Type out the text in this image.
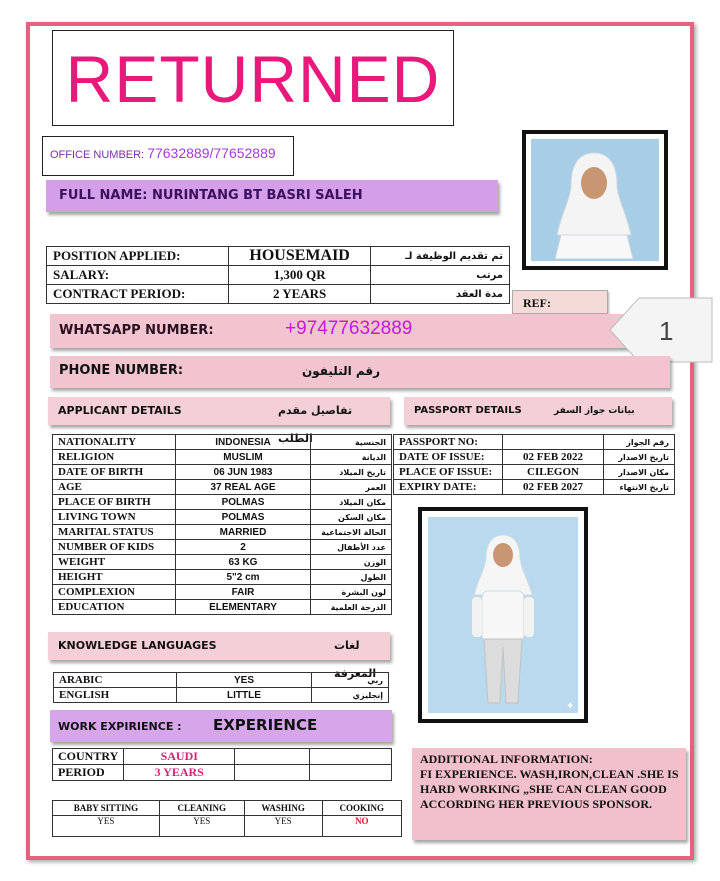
RETURNED
OFFICE NUMBER: 77632889/77652889
FULL NAME: NURINTANG BT BASRI SALEH
POSITION APPLIED:	HOUSEMAID	تم تقديم الوظيفة لـ
SALARY:	1,300 QR	مرتب
CONTRACT PERIOD:	2 YEARS	مدة العقد
REF:
WHATSAPP NUMBER:	+97477632889	1
PHONE NUMBER:	رقم التليفون
APPLICANT DETAILS	تفاصيل مقدم الطلب
PASSPORT DETAILS	بيانات جواز السفر
NATIONALITY	INDONESIA	الجنسية
RELIGION	MUSLIM	الديانة
DATE OF BIRTH	06 JUN 1983	تاريخ الميلاد
AGE	37 REAL AGE	العمر
PLACE OF BIRTH	POLMAS	مكان الميلاد
LIVING TOWN	POLMAS	مكان السكن
MARITAL STATUS	MARRIED	الحالة الاجتماعية
NUMBER OF KIDS	2	عدد الأطفال
WEIGHT	63 KG	الوزن
HEIGHT	5"2 cm	الطول
COMPLEXION	FAIR	لون البشرة
EDUCATION	ELEMENTARY	الدرجة العلمية
PASSPORT NO:		رقم الجواز
DATE OF ISSUE:	02 FEB 2022	تاريخ الاصدار
PLACE OF ISSUE:	CILEGON	مكان الاصدار
EXPIRY DATE:	02 FEB 2027	تاريخ الانتهاء
✦
KNOWLEDGE LANGUAGES	لغات المعرفة
ARABIC	YES	ربي
ENGLISH	LITTLE	إنجليزي
WORK EXPIRIENCE : EXPERIENCE
COUNTRY	SAUDI		
PERIOD	3 YEARS		
BABY SITTING	CLEANING	WASHING	COOKING
YES	YES	YES	NO
ADDITIONAL INFORMATION:
FI EXPERIENCE. WASH,IRON,CLEAN .SHE IS HARD WORKING „SHE CAN CLEAN GOOD ACCORDING HER PREVIOUS SPONSOR.
